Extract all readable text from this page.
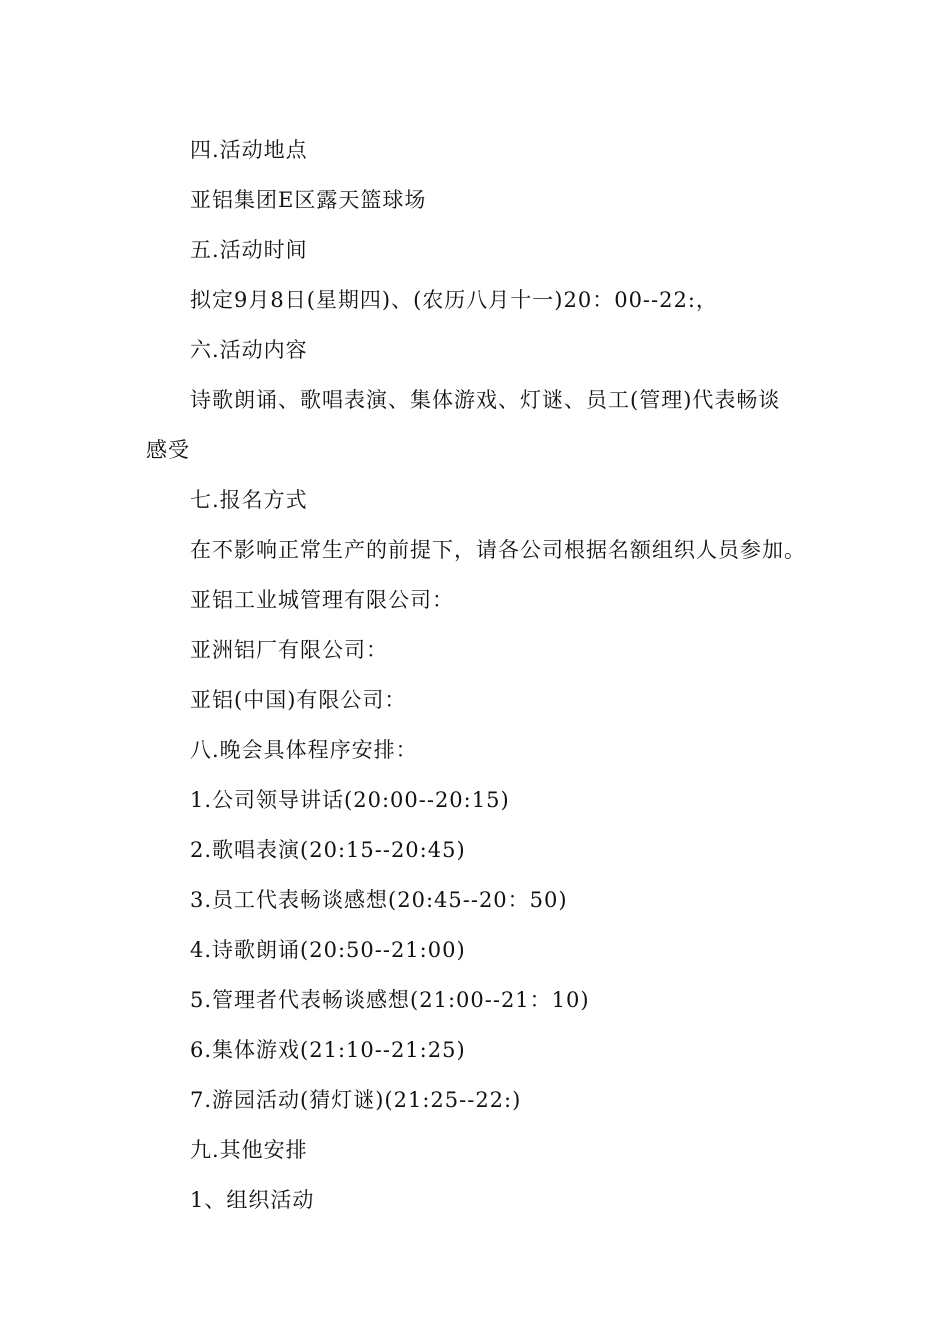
四.活动地点
亚铝集团E区露天篮球场
五.活动时间
拟定9月8日(星期四)、(农历八月十一)20：00--22:，
六.活动内容
诗歌朗诵、歌唱表演、集体游戏、灯谜、员工(管理)代表畅谈
感受
七.报名方式
在不影响正常生产的前提下，请各公司根据名额组织人员参加。
亚铝工业城管理有限公司：
亚洲铝厂有限公司：
亚铝(中国)有限公司：
八.晚会具体程序安排：
1.公司领导讲话(20:00--20:15)
2.歌唱表演(20:15--20:45)
3.员工代表畅谈感想(20:45--20：50)
4.诗歌朗诵(20:50--21:00)
5.管理者代表畅谈感想(21:00--21：10)
6.集体游戏(21:10--21:25)
7.游园活动(猜灯谜)(21:25--22:)
九.其他安排
1、组织活动
